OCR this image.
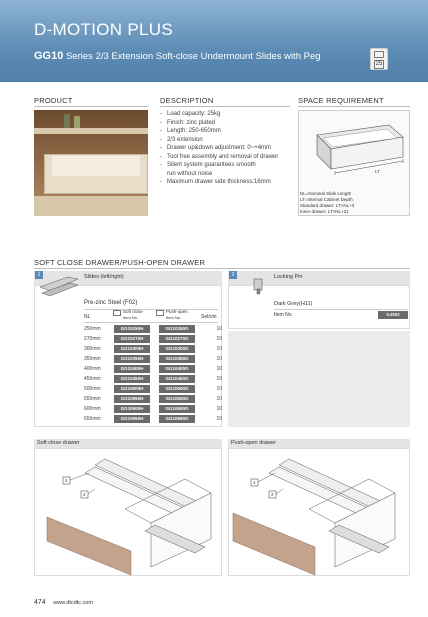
D-MOTION PLUS
GG10 Series 2/3 Extension Soft-close Undermount Slides with Peg
25
PRODUCT	DESCRIPTION	SPACE REQUIREMENT
- Load capacity: 25kg
- Finish: zinc plated
- Length: 250-650mm
- 2/3 extension
- Drawer up&down adjustment: 0~+4mm
- Tool free assembly and removal of drawer
- Silent system guarantees smooth
run without noise
- Maximum drawer side thickness:16mm
LT
NL=Nominal Slide Length
LT=Internal Cabinet Depth
Standard drawer: LT>NL+3
Inner drawer: LT>NL+21
SOFT CLOSE DRAWER/PUSH-OPEN DRAWER
1	Slides (left/right)
Pre-zinc Steel (F02)
NL
Soft close
Item No.
Push-open
Item No.	Set/ctn
250mm	GG10250H	GG10250G	10
270mm	GG10270H	GG10270G	10
300mm	GG10300H	GG10300G	10
350mm	GG10350H	GG10350G	10
400mm	GG10400H	GG10400G	10
450mm	GG10450H	GG10450G	10
500mm	GG10500H	GG10500G	10
550mm	GG10550H	GG10550G	10
600mm	GG10600H	GG10600G	10
650mm	GG10650H	GG10650G	10
2	Locking Pin
Dark Grey(H11)
Item No.	GJ502
Soft close drawer
1
2
Push-open drawer
1
2
474 www.dtcdtc.com
